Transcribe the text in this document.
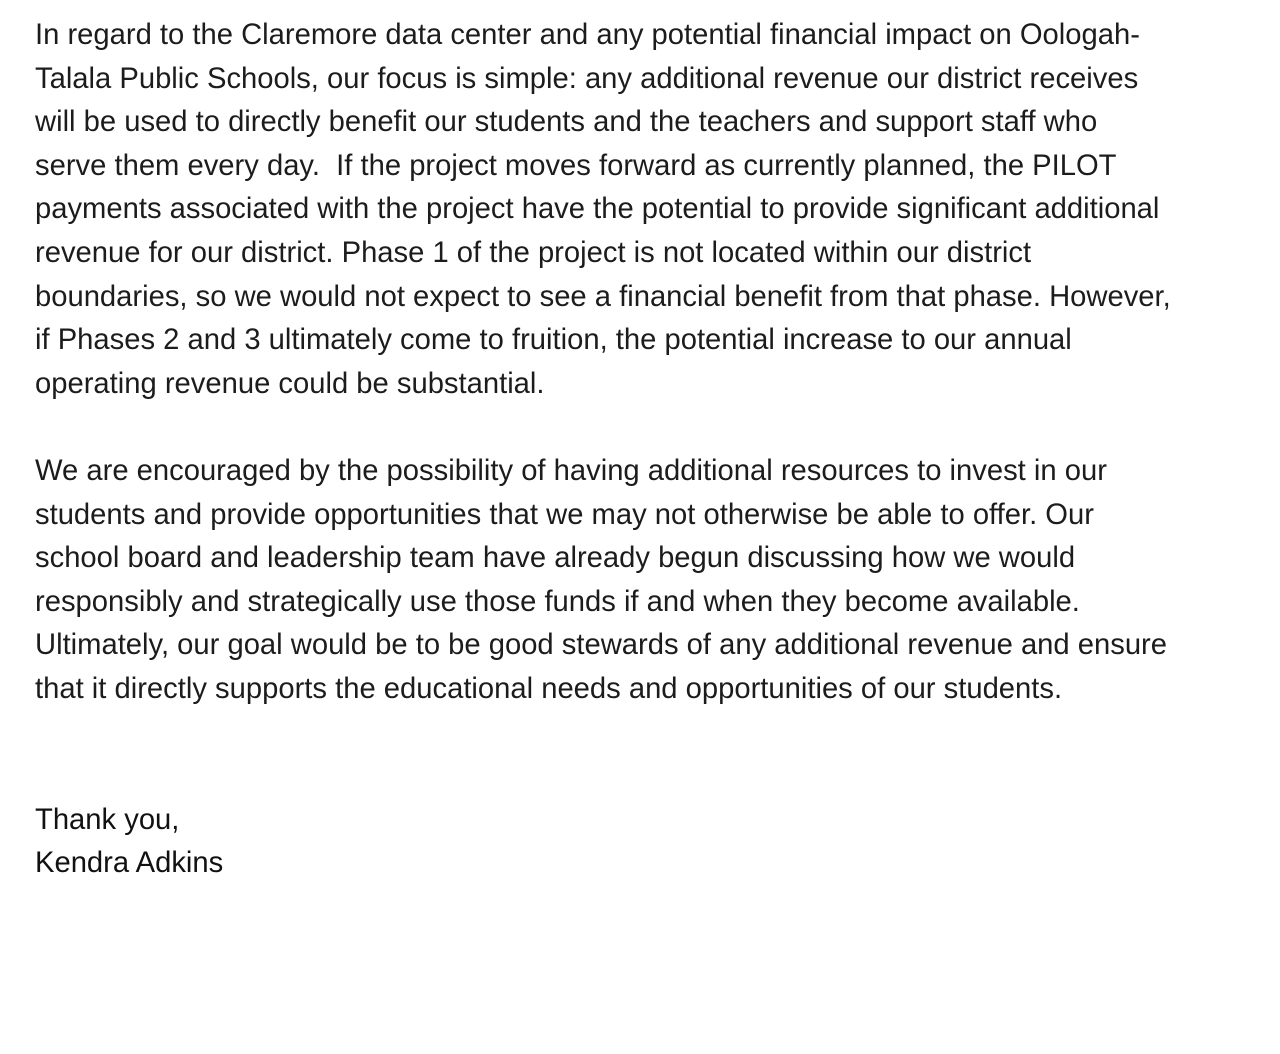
In regard to the Claremore data center and any potential financial impact on Oologah-
Talala Public Schools, our focus is simple: any additional revenue our district receives
will be used to directly benefit our students and the teachers and support staff who
serve them every day.  If the project moves forward as currently planned, the PILOT
payments associated with the project have the potential to provide significant additional
revenue for our district. Phase 1 of the project is not located within our district
boundaries, so we would not expect to see a financial benefit from that phase. However,
if Phases 2 and 3 ultimately come to fruition, the potential increase to our annual
operating revenue could be substantial.
We are encouraged by the possibility of having additional resources to invest in our
students and provide opportunities that we may not otherwise be able to offer. Our
school board and leadership team have already begun discussing how we would
responsibly and strategically use those funds if and when they become available.
Ultimately, our goal would be to be good stewards of any additional revenue and ensure
that it directly supports the educational needs and opportunities of our students.
Thank you,
Kendra Adkins
